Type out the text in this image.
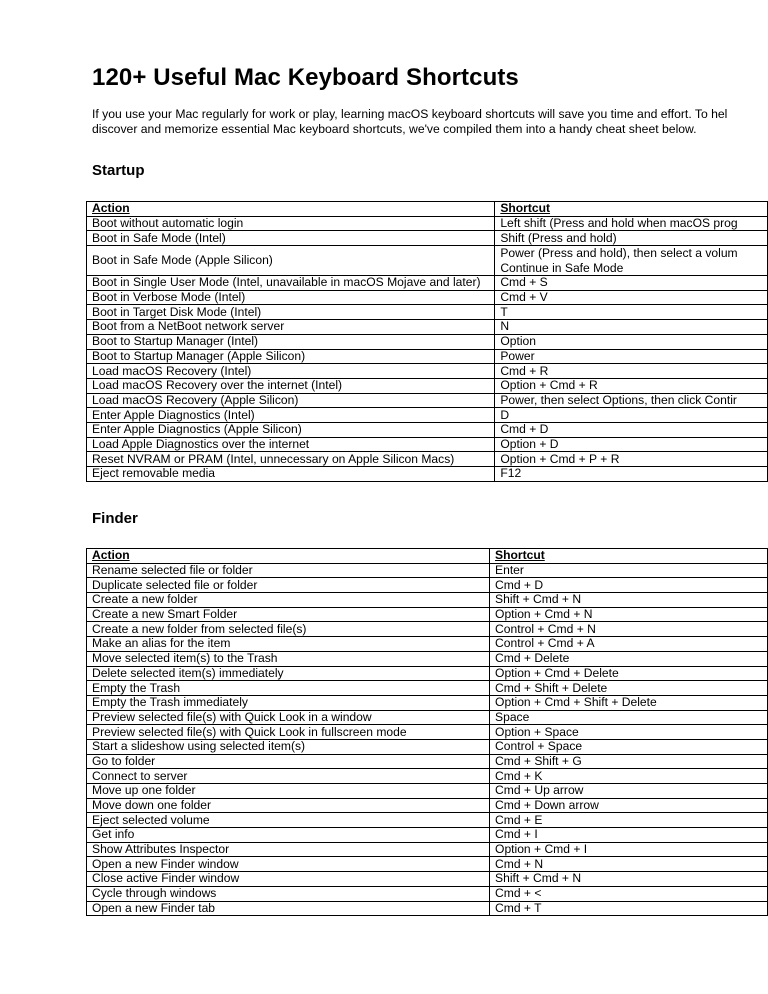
120+ Useful Mac Keyboard Shortcuts

If you use your Mac regularly for work or play, learning macOS keyboard shortcuts will save you time and effort. To hel
discover and memorize essential Mac keyboard shortcuts, we've compiled them into a handy cheat sheet below.

Startup
Action	Shortcut
Boot without automatic login	Left shift (Press and hold when macOS prog
Boot in Safe Mode (Intel)	Shift (Press and hold)
Boot in Safe Mode (Apple Silicon)	Power (Press and hold), then select a volum
Continue in Safe Mode
Boot in Single User Mode (Intel, unavailable in macOS Mojave and later)	Cmd + S
Boot in Verbose Mode (Intel)	Cmd + V
Boot in Target Disk Mode (Intel)	T
Boot from a NetBoot network server	N
Boot to Startup Manager (Intel)	Option
Boot to Startup Manager (Apple Silicon)	Power
Load macOS Recovery (Intel)	Cmd + R
Load macOS Recovery over the internet (Intel)	Option + Cmd + R
Load macOS Recovery (Apple Silicon)	Power, then select Options, then click Contir
Enter Apple Diagnostics (Intel)	D
Enter Apple Diagnostics (Apple Silicon)	Cmd + D
Load Apple Diagnostics over the internet	Option + D
Reset NVRAM or PRAM (Intel, unnecessary on Apple Silicon Macs)	Option + Cmd + P + R
Eject removable media	F12
Finder
Action	Shortcut
Rename selected file or folder	Enter
Duplicate selected file or folder	Cmd + D
Create a new folder	Shift + Cmd + N
Create a new Smart Folder	Option + Cmd + N
Create a new folder from selected file(s)	Control + Cmd + N
Make an alias for the item	Control + Cmd + A
Move selected item(s) to the Trash	Cmd + Delete
Delete selected item(s) immediately	Option + Cmd + Delete
Empty the Trash	Cmd + Shift + Delete
Empty the Trash immediately	Option + Cmd + Shift + Delete
Preview selected file(s) with Quick Look in a window	Space
Preview selected file(s) with Quick Look in fullscreen mode	Option + Space
Start a slideshow using selected item(s)	Control + Space
Go to folder	Cmd + Shift + G
Connect to server	Cmd + K
Move up one folder	Cmd + Up arrow
Move down one folder	Cmd + Down arrow
Eject selected volume	Cmd + E
Get info	Cmd + I
Show Attributes Inspector	Option + Cmd + I
Open a new Finder window	Cmd + N
Close active Finder window	Shift + Cmd + N
Cycle through windows	Cmd + <
Open a new Finder tab	Cmd + T
